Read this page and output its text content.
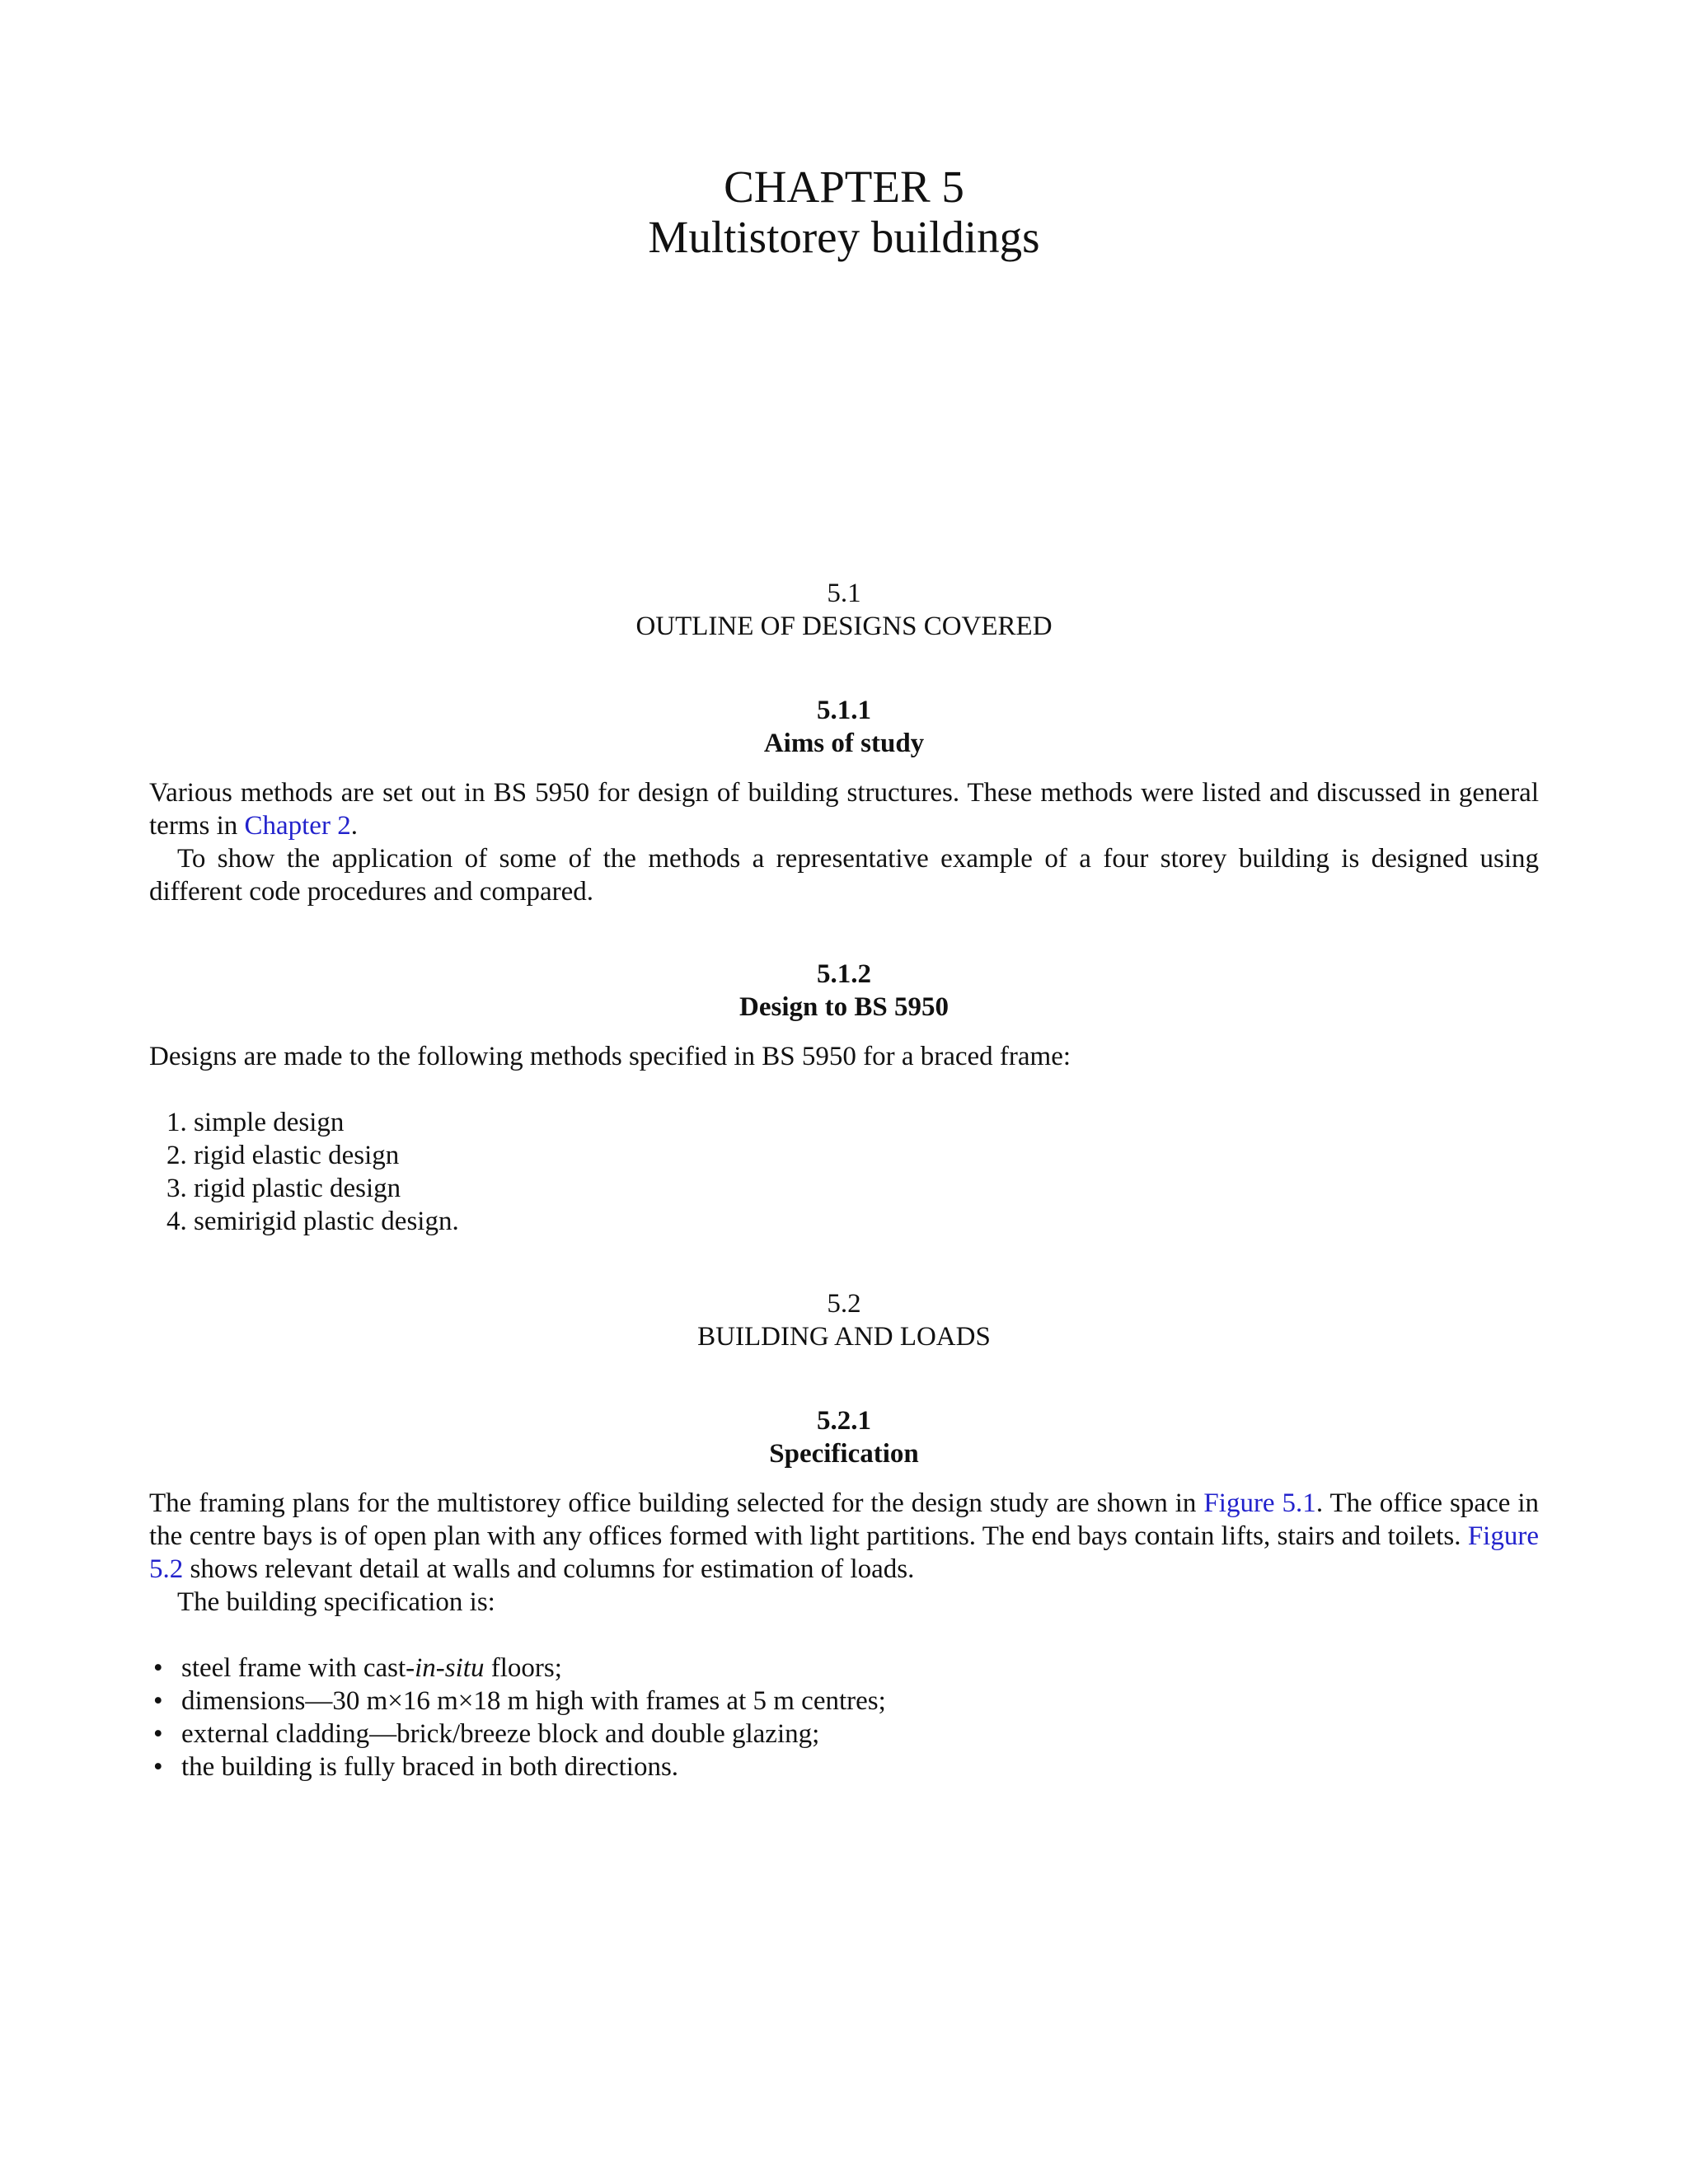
CHAPTER 5
Multistorey buildings
5.1
OUTLINE OF DESIGNS COVERED
5.1.1
Aims of study
Various methods are set out in BS 5950 for design of building structures. These methods were listed and discussed in general terms in Chapter 2.
To show the application of some of the methods a representative example of a four storey building is designed using different code procedures and compared.
5.1.2
Design to BS 5950
Designs are made to the following methods specified in BS 5950 for a braced frame:
1. simple design
2. rigid elastic design
3. rigid plastic design
4. semirigid plastic design.
5.2
BUILDING AND LOADS
5.2.1
Specification
The framing plans for the multistorey office building selected for the design study are shown in Figure 5.1. The office space in the centre bays is of open plan with any offices formed with light partitions. The end bays contain lifts, stairs and toilets. Figure 5.2 shows relevant detail at walls and columns for estimation of loads.
The building specification is:
• steel frame with cast-in-situ floors;
• dimensions—30 m×16 m×18 m high with frames at 5 m centres;
• external cladding—brick/breeze block and double glazing;
• the building is fully braced in both directions.
